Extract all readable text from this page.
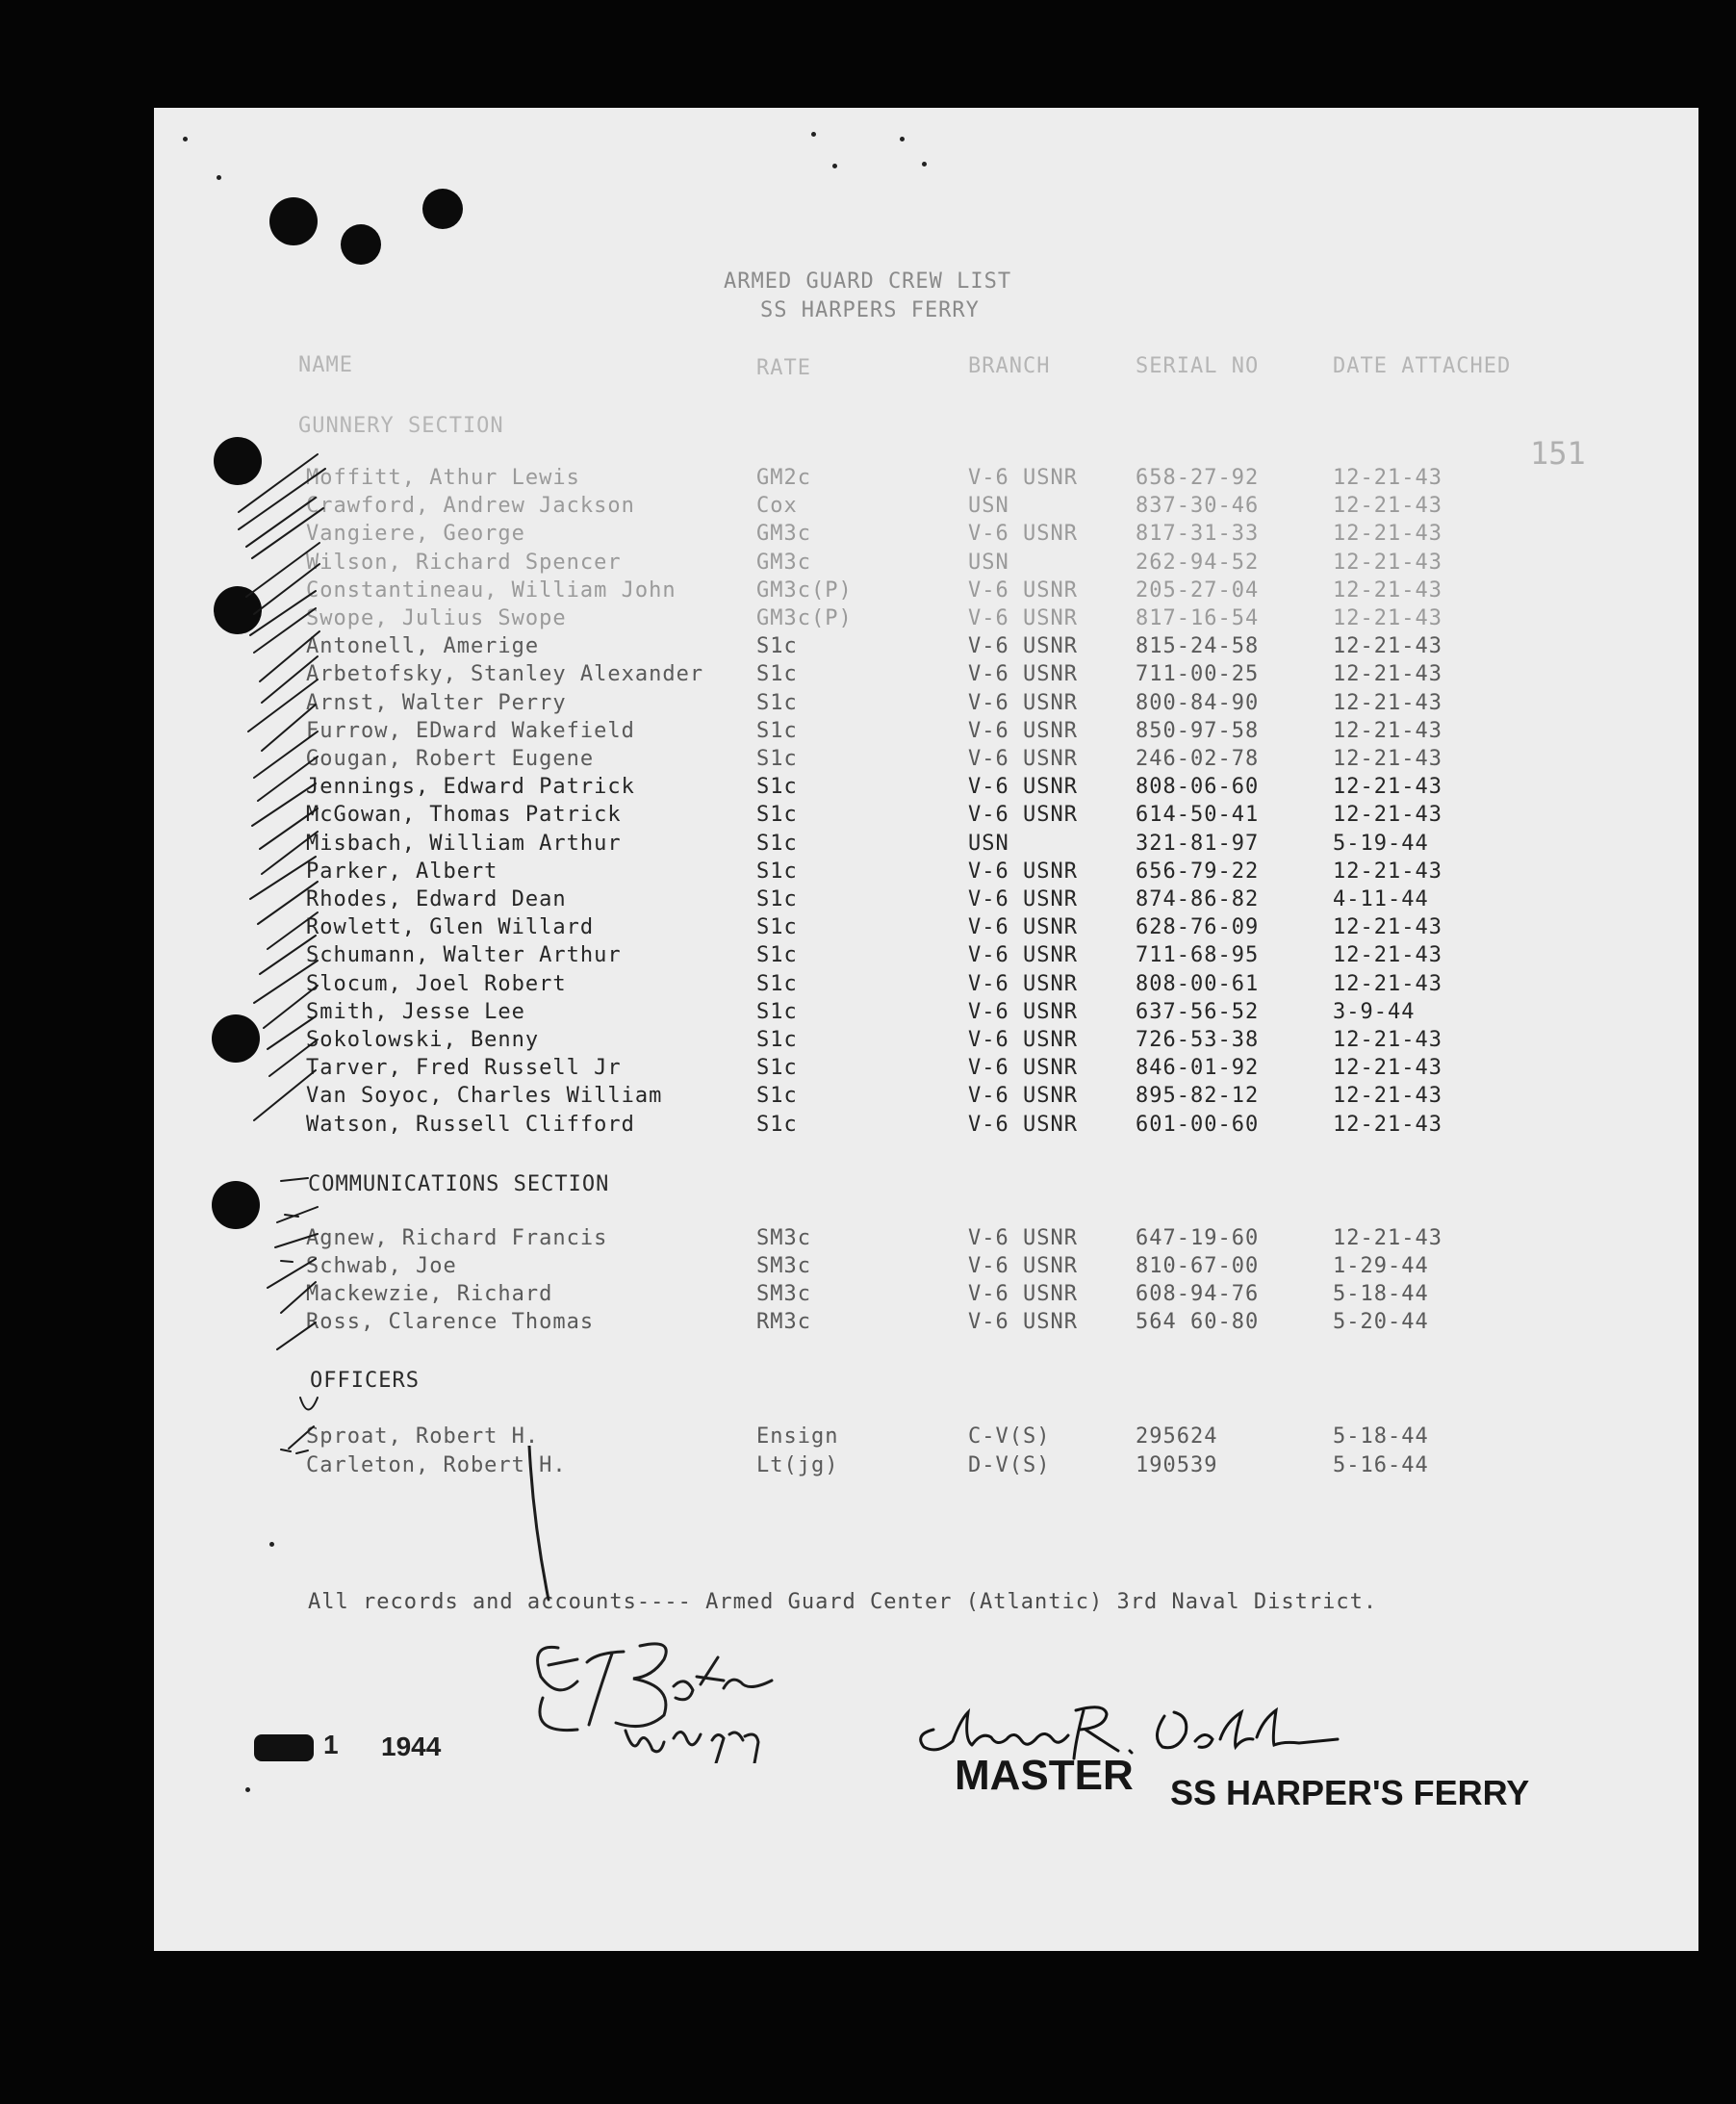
ARMED GUARD CREW LIST
SS HARPERS FERRY
NAME	RATE	BRANCH	SERIAL NO	DATE ATTACHED
151
GUNNERY SECTION
COMMUNICATIONS SECTION
OFFICERS
Moffitt, Athur Lewis	GM2c	V-6 USNR	658-27-92	12-21-43
Crawford, Andrew Jackson	Cox	USN	837-30-46	12-21-43
Vangiere, George	GM3c	V-6 USNR	817-31-33	12-21-43
Wilson, Richard Spencer	GM3c	USN	262-94-52	12-21-43
Constantineau, William John	GM3c(P)	V-6 USNR	205-27-04	12-21-43
Swope, Julius Swope	GM3c(P)	V-6 USNR	817-16-54	12-21-43
Antonell, Amerige	S1c	V-6 USNR	815-24-58	12-21-43
Arbetofsky, Stanley Alexander S1c	V-6 USNR	711-00-25	12-21-43
Arnst, Walter Perry	S1c	V-6 USNR	800-84-90	12-21-43
Furrow, EDward Wakefield	S1c	V-6 USNR	850-97-58	12-21-43
Gougan, Robert Eugene	S1c	V-6 USNR	246-02-78	12-21-43
Jennings, Edward Patrick	S1c	V-6 USNR	808-06-60	12-21-43
McGowan, Thomas Patrick	S1c	V-6 USNR	614-50-41	12-21-43
Misbach, William Arthur	S1c	USN	321-81-97	5-19-44
Parker, Albert	S1c	V-6 USNR	656-79-22	12-21-43
Rhodes, Edward Dean	S1c	V-6 USNR	874-86-82	4-11-44
Rowlett, Glen Willard	S1c	V-6 USNR	628-76-09	12-21-43
Schumann, Walter Arthur	S1c	V-6 USNR	711-68-95	12-21-43
Slocum, Joel Robert	S1c	V-6 USNR	808-00-61	12-21-43
Smith, Jesse Lee	S1c	V-6 USNR	637-56-52	3-9-44
Sokolowski, Benny	S1c	V-6 USNR	726-53-38	12-21-43
Tarver, Fred Russell Jr	S1c	V-6 USNR	846-01-92	12-21-43
Van Soyoc, Charles William	S1c	V-6 USNR	895-82-12	12-21-43
Watson, Russell Clifford	S1c	V-6 USNR	601-00-60	12-21-43
Agnew, Richard Francis	SM3c	V-6 USNR	647-19-60	12-21-43
Schwab, Joe	SM3c	V-6 USNR	810-67-00	1-29-44
Mackewzie, Richard	SM3c	V-6 USNR	608-94-76	5-18-44
Ross, Clarence Thomas	RM3c	V-6 USNR	564 60-80	5-20-44
Sproat, Robert H.	Ensign	C-V(S)	295624	5-18-44
Carleton, Robert H.	Lt(jg)	D-V(S)	190539	5-16-44
All records and accounts---- Armed Guard Center (Atlantic) 3rd Naval District.
1 1944
MASTER SS HARPER'S FERRY
